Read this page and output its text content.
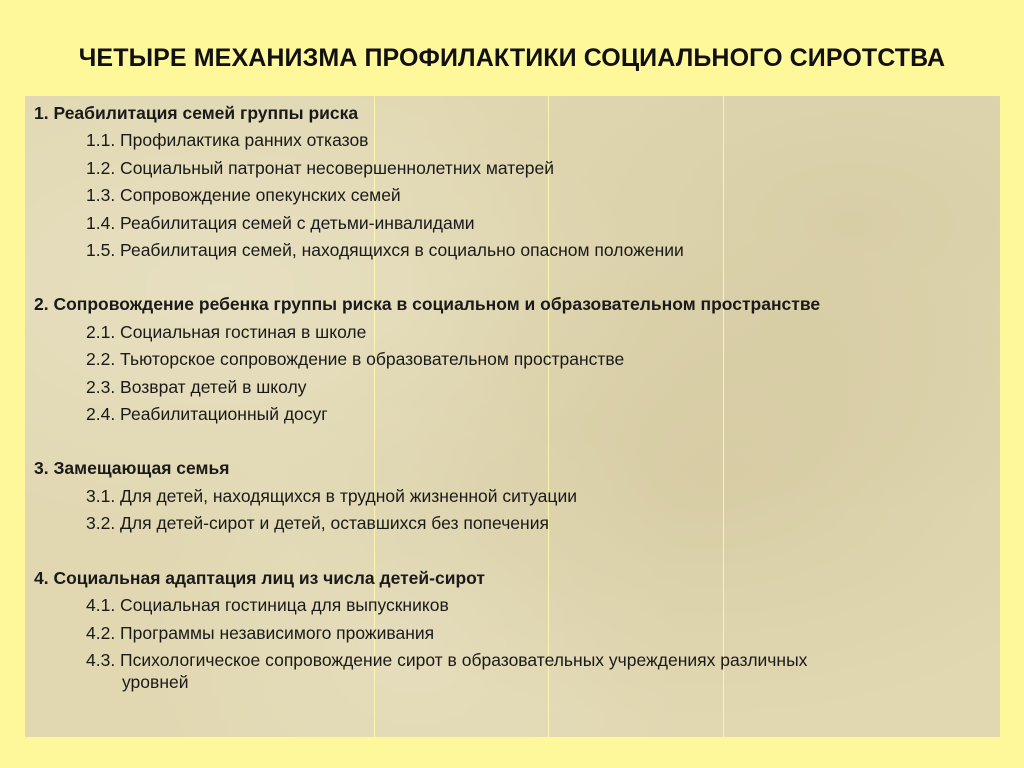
ЧЕТЫРЕ МЕХАНИЗМА ПРОФИЛАКТИКИ СОЦИАЛЬНОГО СИРОТСТВА
1. Реабилитация семей группы риска
1.1. Профилактика ранних отказов
1.2. Социальный патронат несовершеннолетних матерей
1.3. Сопровождение опекунских семей
1.4. Реабилитация семей с детьми-инвалидами
1.5. Реабилитация семей, находящихся в социально опасном положении
2. Сопровождение ребенка группы риска в социальном и образовательном пространстве
2.1. Социальная гостиная в школе
2.2. Тьюторское сопровождение в образовательном пространстве
2.3. Возврат детей в школу
2.4. Реабилитационный досуг
3. Замещающая семья
3.1. Для детей, находящихся в трудной жизненной ситуации
3.2. Для детей-сирот и детей, оставшихся без попечения
4. Социальная адаптация лиц из числа детей-сирот
4.1. Социальная гостиница для выпускников
4.2. Программы независимого проживания
4.3. Психологическое сопровождение сирот в образовательных учреждениях различных
уровней
